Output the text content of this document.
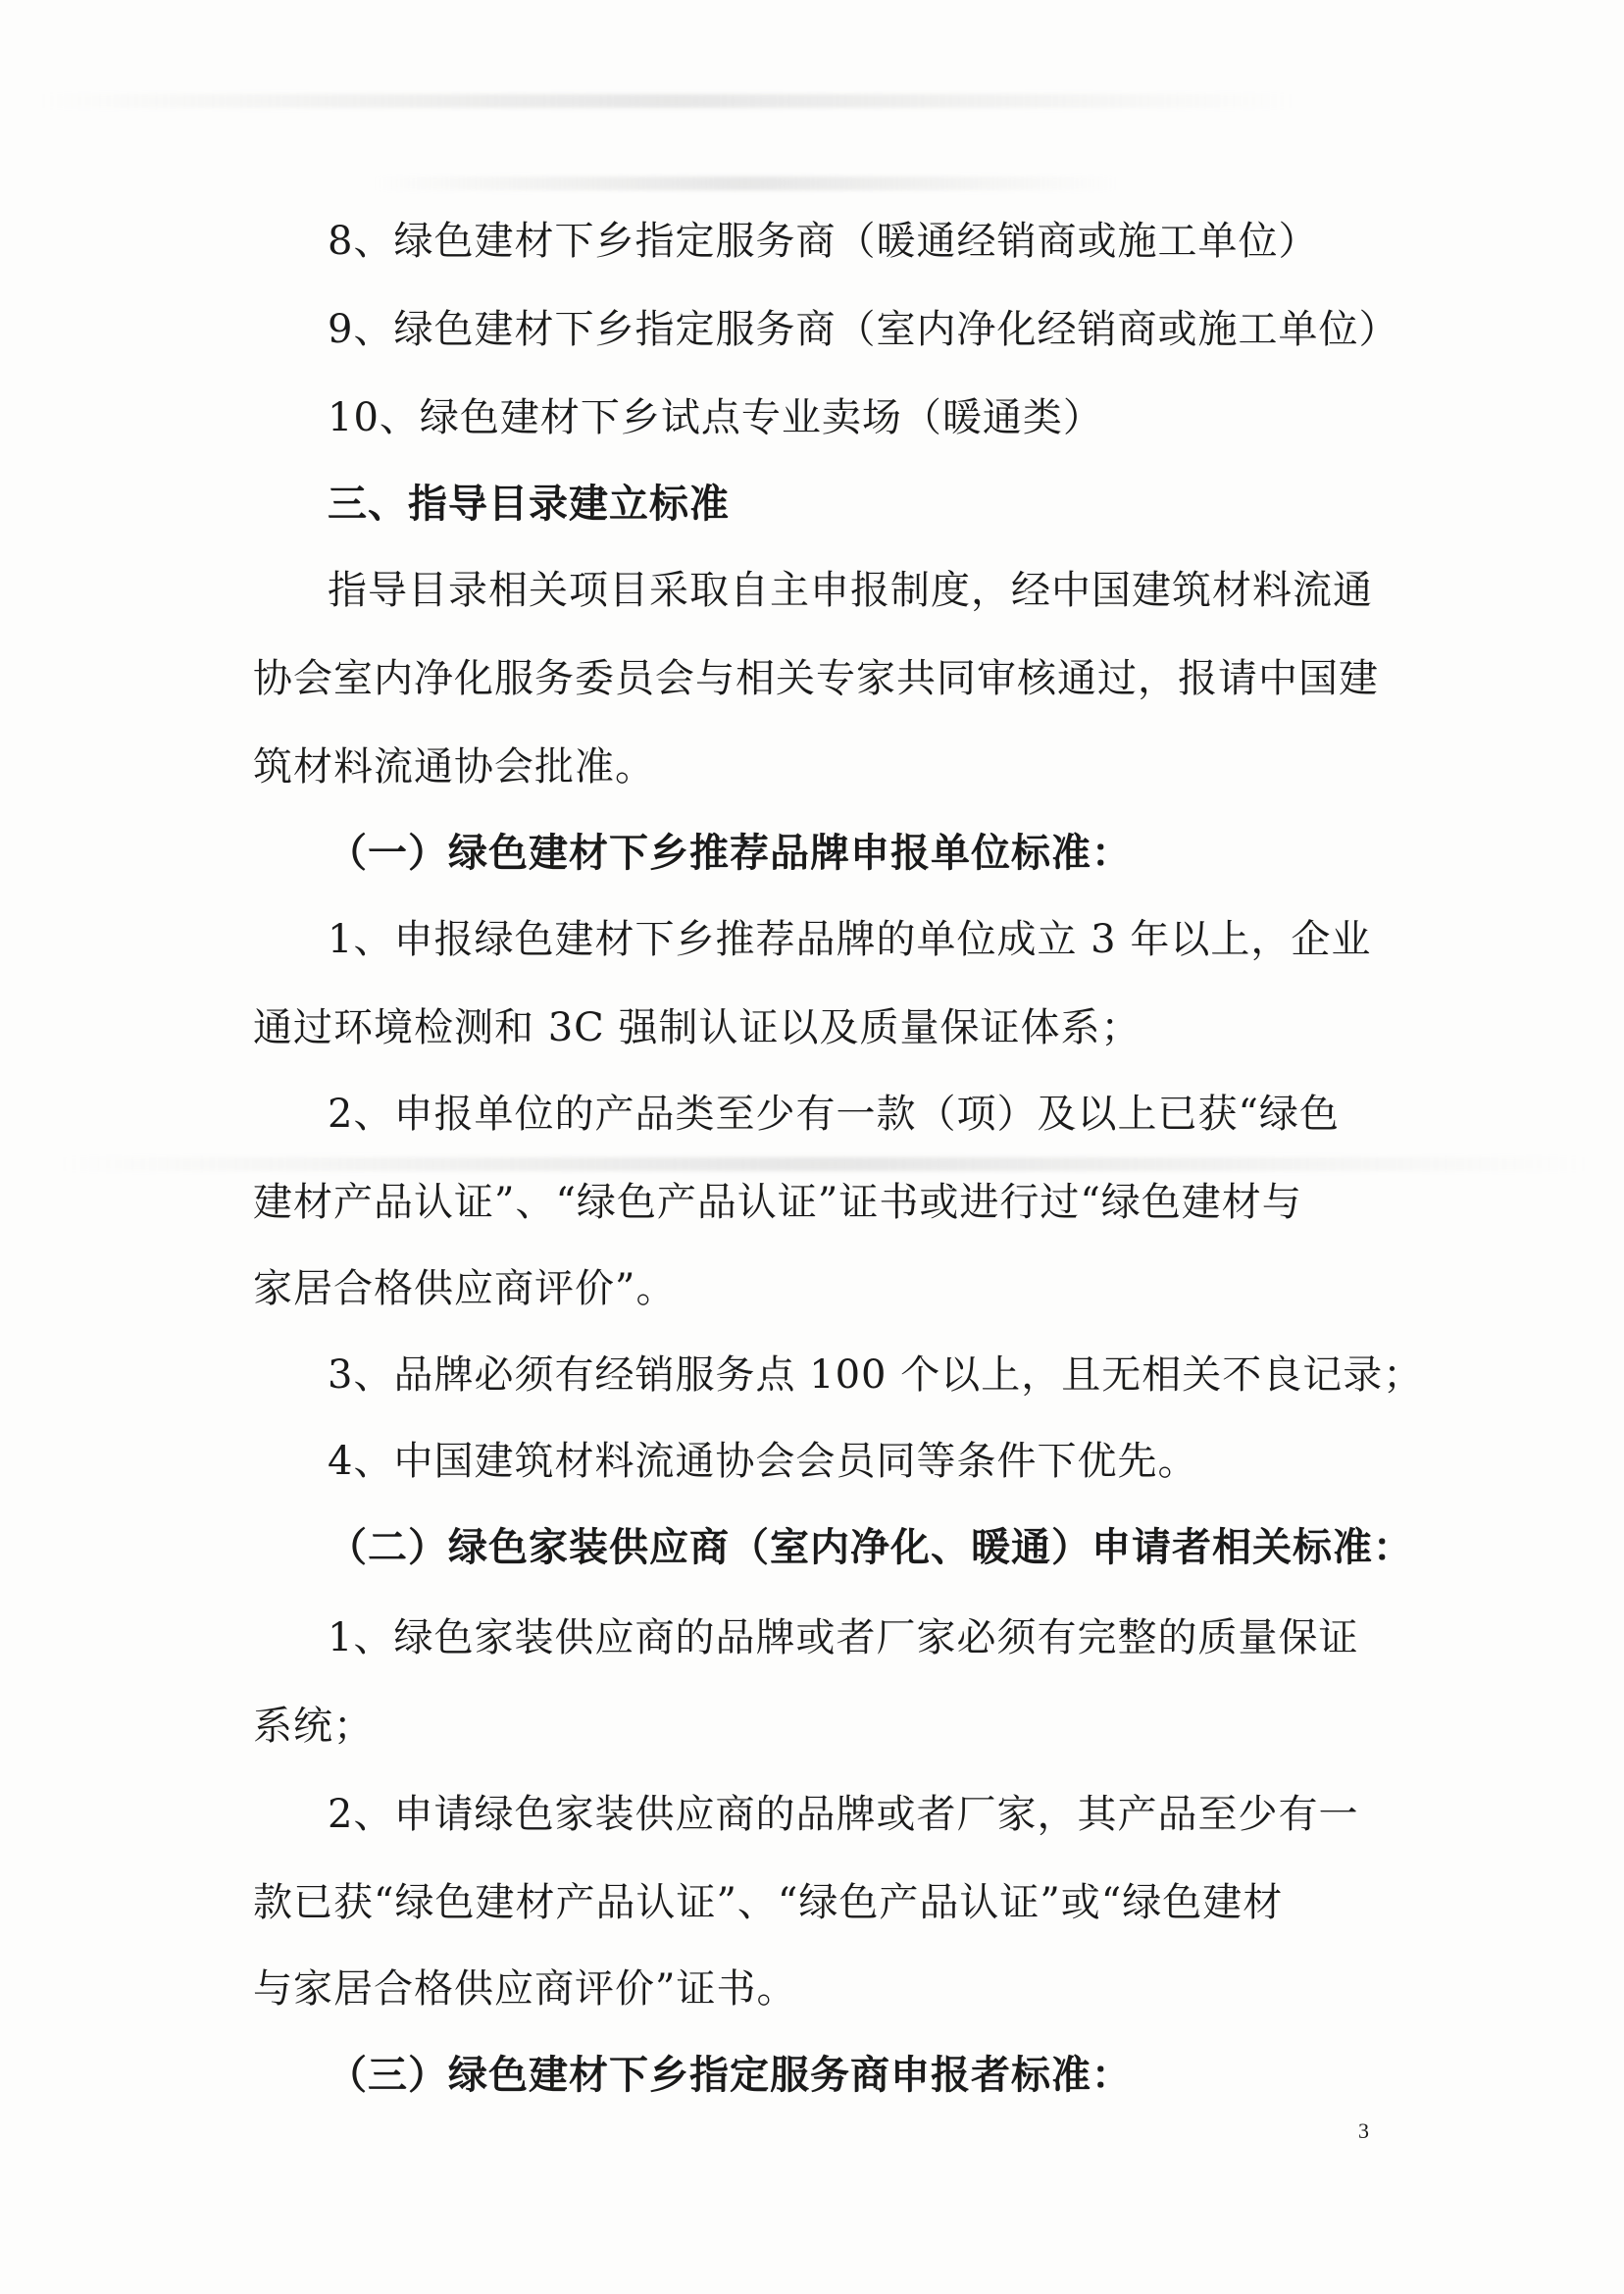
8、绿色建材下乡指定服务商（暖通经销商或施工单位）
9、绿色建材下乡指定服务商（室内净化经销商或施工单位）
10、绿色建材下乡试点专业卖场（暖通类）
三、指导目录建立标准
指导目录相关项目采取自主申报制度，经中国建筑材料流通
协会室内净化服务委员会与相关专家共同审核通过，报请中国建
筑材料流通协会批准。
（一）绿色建材下乡推荐品牌申报单位标准：
1、申报绿色建材下乡推荐品牌的单位成立 3 年以上，企业
通过环境检测和 3C 强制认证以及质量保证体系；
2、申报单位的产品类至少有一款（项）及以上已获“绿色
建材产品认证”、“绿色产品认证”证书或进行过“绿色建材与
家居合格供应商评价”。
3、品牌必须有经销服务点 100 个以上，且无相关不良记录；
4、中国建筑材料流通协会会员同等条件下优先。
（二）绿色家装供应商（室内净化、暖通）申请者相关标准：
1、绿色家装供应商的品牌或者厂家必须有完整的质量保证
系统；
2、申请绿色家装供应商的品牌或者厂家，其产品至少有一
款已获“绿色建材产品认证”、“绿色产品认证”或“绿色建材
与家居合格供应商评价”证书。
（三）绿色建材下乡指定服务商申报者标准：
3
